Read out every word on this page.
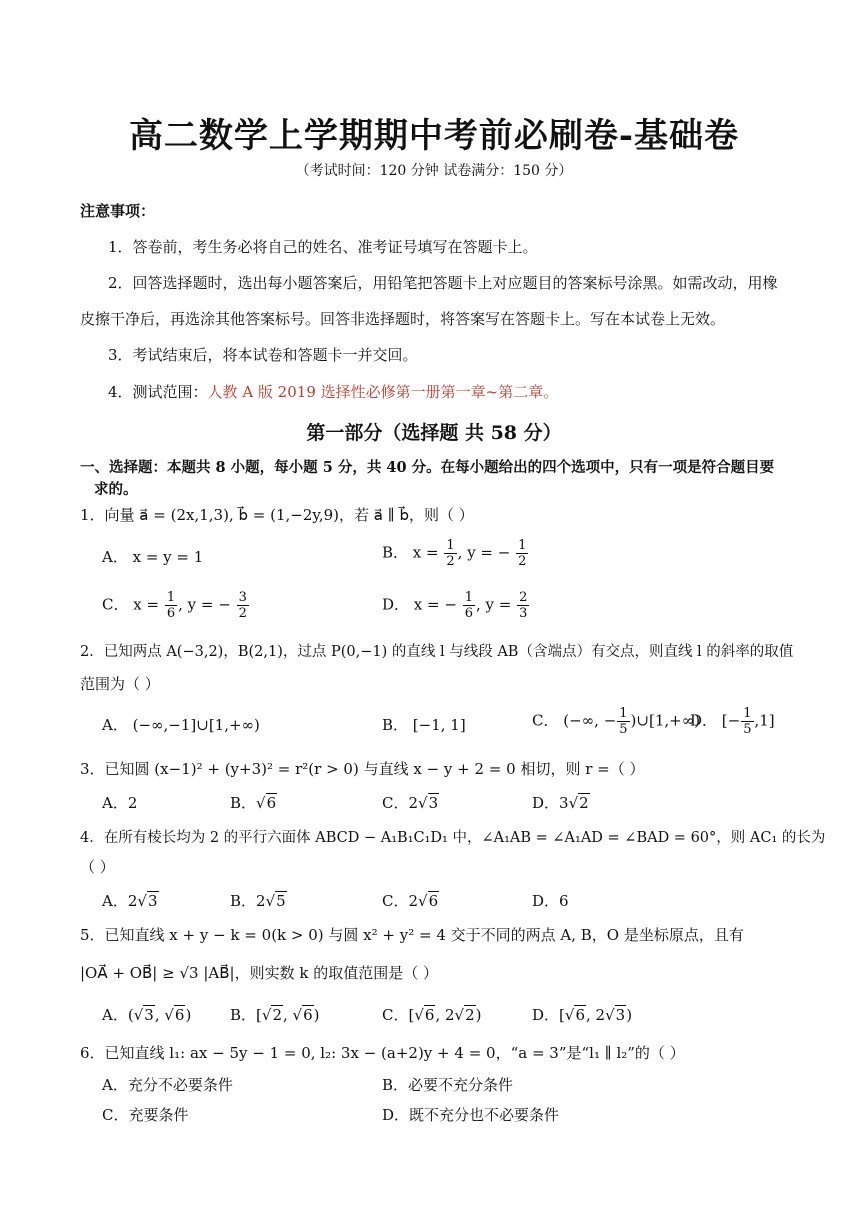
高二数学上学期期中考前必刷卷-基础卷
（考试时间：120 分钟 试卷满分：150 分）
注意事项：
1．答卷前，考生务必将自己的姓名、准考证号填写在答题卡上。
2．回答选择题时，选出每小题答案后，用铅笔把答题卡上对应题目的答案标号涂黑。如需改动，用橡
皮擦干净后，再选涂其他答案标号。回答非选择题时，将答案写在答题卡上。写在本试卷上无效。
3．考试结束后，将本试卷和答题卡一并交回。
4．测试范围：人教 A 版 2019 选择性必修第一册第一章~第二章。
第一部分（选择题 共 58 分）
一、选择题：本题共 8 小题，每小题 5 分，共 40 分。在每小题给出的四个选项中，只有一项是符合题目要
求的。
1．向量 a⃗ = (2x,1,3), b⃗ = (1,−2y,9)，若 a⃗ ∥ b⃗，则（ ）
A． x = y = 1	B． $x = \frac{1}{2}$ , y = − $\frac{1}{2}$
C． $x = \frac{1}{6}$ , y = − $\frac{3}{2}$	D． x = − $\frac{1}{6}$ , $y = \frac{2}{3}$
2．已知两点 A(−3,2)，B(2,1)，过点 P(0,−1) 的直线 l 与线段 AB（含端点）有交点，则直线 l 的斜率的取值
范围为（ ）
A． (−∞,−1]∪[1,+∞)	B． [−1, 1]	C． (−∞, − $\frac{1}{5}$ )∪[1,+∞)
D． [− $\frac{1}{5} ,1$]
3．已知圆 (x−1)² + (y+3)² = r²(r > 0) 与直线 x − y + 2 = 0 相切，则 r =（ ）
A．2	B．√6	C．2√3	D．3√2
4．在所有棱长均为 2 的平行六面体 ABCD − A₁B₁C₁D₁ 中，∠A₁AB = ∠A₁AD = ∠BAD = 60°，则 AC₁ 的长为
（ ）
A．2√3	B．2√5	C．2√6	D．6
5．已知直线 x + y − k = 0(k > 0) 与圆 x² + y² = 4 交于不同的两点 A, B，O 是坐标原点，且有
|OA⃗ + OB⃗| ≥ √3 |AB⃗|，则实数 k 的取值范围是（ ）
A．(√3, √6)	B．[√2, √6)	C．[√6, 2√2)	D．[√6, 2√3)
6．已知直线 l₁: ax − 5y − 1 = 0, l₂: 3x − (a+2)y + 4 = 0，“a = 3”是“l₁ ∥ l₂”的（ ）
A．充分不必要条件	B．必要不充分条件
C．充要条件	D．既不充分也不必要条件
